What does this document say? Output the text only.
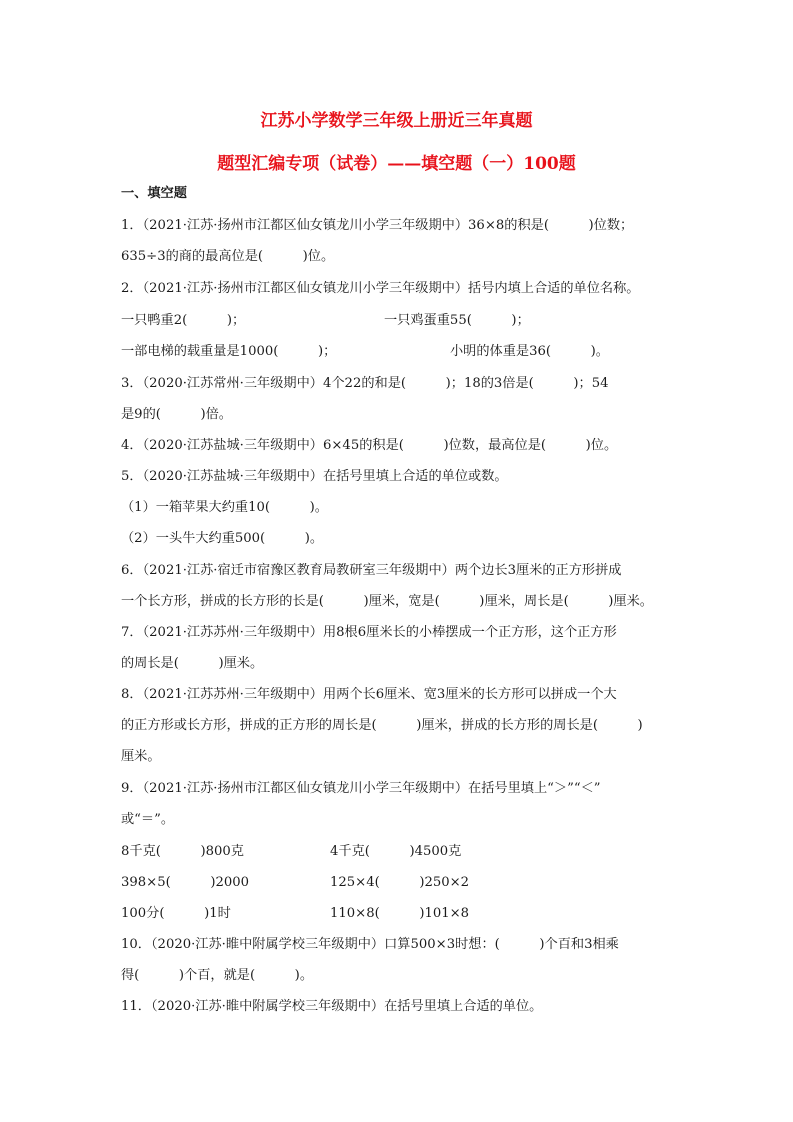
江苏小学数学三年级上册近三年真题
题型汇编专项（试卷）——填空题（一）100题
一、填空题
1．（2021·江苏·扬州市江都区仙女镇龙川小学三年级期中）36×8的积是(　　　)位数；
635÷3的商的最高位是(　　　)位。
2．（2021·江苏·扬州市江都区仙女镇龙川小学三年级期中）括号内填上合适的单位名称。
一只鸭重2(　　　)；	一只鸡蛋重55(　　　)；
一部电梯的载重量是1000(　　　)；	小明的体重是36(　　　)。
3．（2020·江苏常州·三年级期中）4个22的和是(　　　)；18的3倍是(　　　)；54
是9的(　　　)倍。
4．（2020·江苏盐城·三年级期中）6×45的积是(　　　)位数，最高位是(　　　)位。
5．（2020·江苏盐城·三年级期中）在括号里填上合适的单位或数。
（1）一箱苹果大约重10(　　　)。
（2）一头牛大约重500(　　　)。
6．（2021·江苏·宿迁市宿豫区教育局教研室三年级期中）两个边长3厘米的正方形拼成
一个长方形，拼成的长方形的长是(　　　)厘米，宽是(　　　)厘米，周长是(　　　)厘米。
7．（2021·江苏苏州·三年级期中）用8根6厘米长的小棒摆成一个正方形，这个正方形
的周长是(　　　)厘米。
8．（2021·江苏苏州·三年级期中）用两个长6厘米、宽3厘米的长方形可以拼成一个大
的正方形或长方形，拼成的正方形的周长是(　　　)厘米，拼成的长方形的周长是(　　　)
厘米。
9．（2021·江苏·扬州市江都区仙女镇龙川小学三年级期中）在括号里填上“＞”“＜”
或“＝”。
8千克(　　　)800克	4千克(　　　)4500克
398×5(　　　)2000	125×4(　　　)250×2
100分(　　　)1时	110×8(　　　)101×8
10．（2020·江苏·睢中附属学校三年级期中）口算500×3时想：(　　　)个百和3相乘
得(　　　)个百，就是(　　　)。
11．（2020·江苏·睢中附属学校三年级期中）在括号里填上合适的单位。
